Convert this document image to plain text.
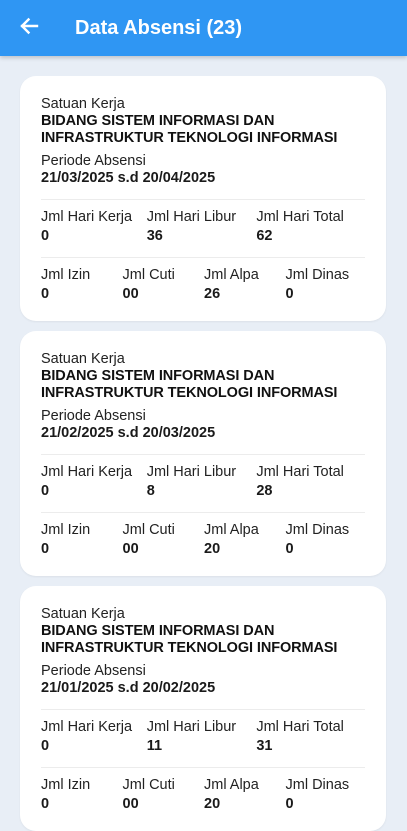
Data Absensi (23)
Satuan Kerja
BIDANG SISTEM INFORMASI DAN
INFRASTRUKTUR TEKNOLOGI INFORMASI
Periode Absensi
21/03/2025 s.d 20/04/2025
Jml Hari Kerja
0
Jml Hari Libur
36
Jml Hari Total
62
Jml Izin
0
Jml Cuti
00
Jml Alpa
26
Jml Dinas
0
Satuan Kerja
BIDANG SISTEM INFORMASI DAN
INFRASTRUKTUR TEKNOLOGI INFORMASI
Periode Absensi
21/02/2025 s.d 20/03/2025
Jml Hari Kerja
0
Jml Hari Libur
8
Jml Hari Total
28
Jml Izin
0
Jml Cuti
00
Jml Alpa
20
Jml Dinas
0
Satuan Kerja
BIDANG SISTEM INFORMASI DAN
INFRASTRUKTUR TEKNOLOGI INFORMASI
Periode Absensi
21/01/2025 s.d 20/02/2025
Jml Hari Kerja
0
Jml Hari Libur
11
Jml Hari Total
31
Jml Izin
0
Jml Cuti
00
Jml Alpa
20
Jml Dinas
0
